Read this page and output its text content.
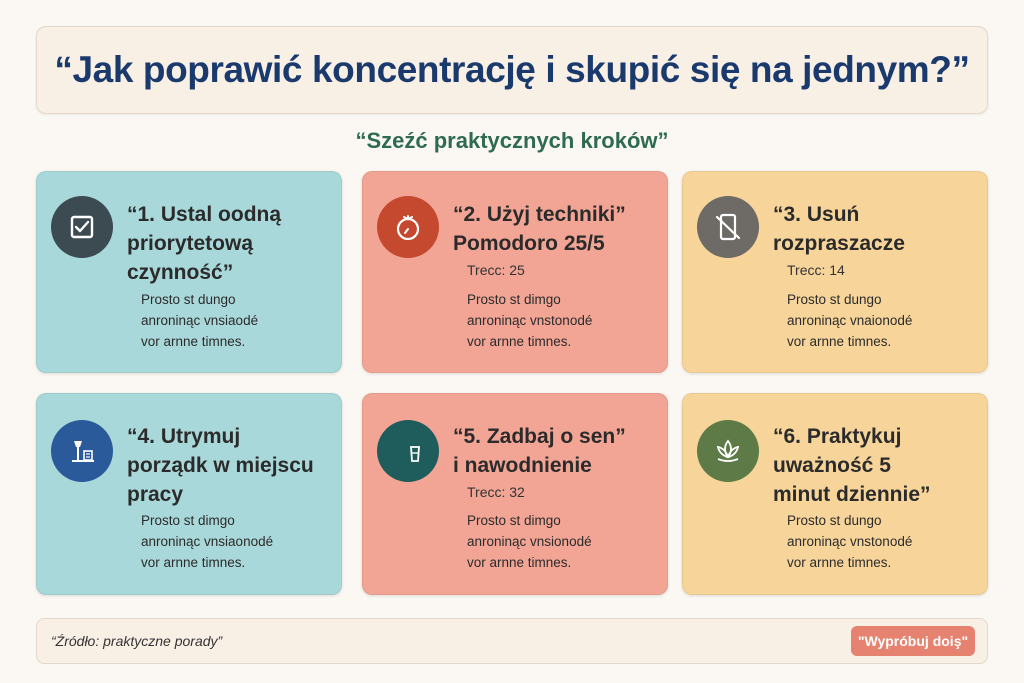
“Jak poprawić koncentrację i skupić się na jednym?”
“Szeźć praktycznych kroków”
“1. Ustal oodną
priorytetową
czynność”
Prosto st dungo
anroninąc vnsiaodé
vor arnne timnes.
“2. Użyj techniki”
Pomodoro 25/5
Trecc: 25
Prosto st dimgo
anroninąc vnstonodé
vor arnne timnes.
“3. Usuń
rozpraszacze
Trecc: 14
Prosto st dungo
anroninąc vnaionodé
vor arnne timnes.
“4. Utrymuj
porządk w miejscu
pracy
Prosto st dimgo
anroninąc vnsiaonodé
vor arnne timnes.
“5. Zadbaj o sen”
i nawodnienie
Trecc: 32
Prosto st dimgo
anroninąc vnsionodé
vor arnne timnes.
“6. Praktykuj
uważność 5
minut dziennie”
Prosto st dungo
anroninąc vnstonodé
vor arnne timnes.
“Źródło: praktyczne porady”	"Wypróbuj doiş"
